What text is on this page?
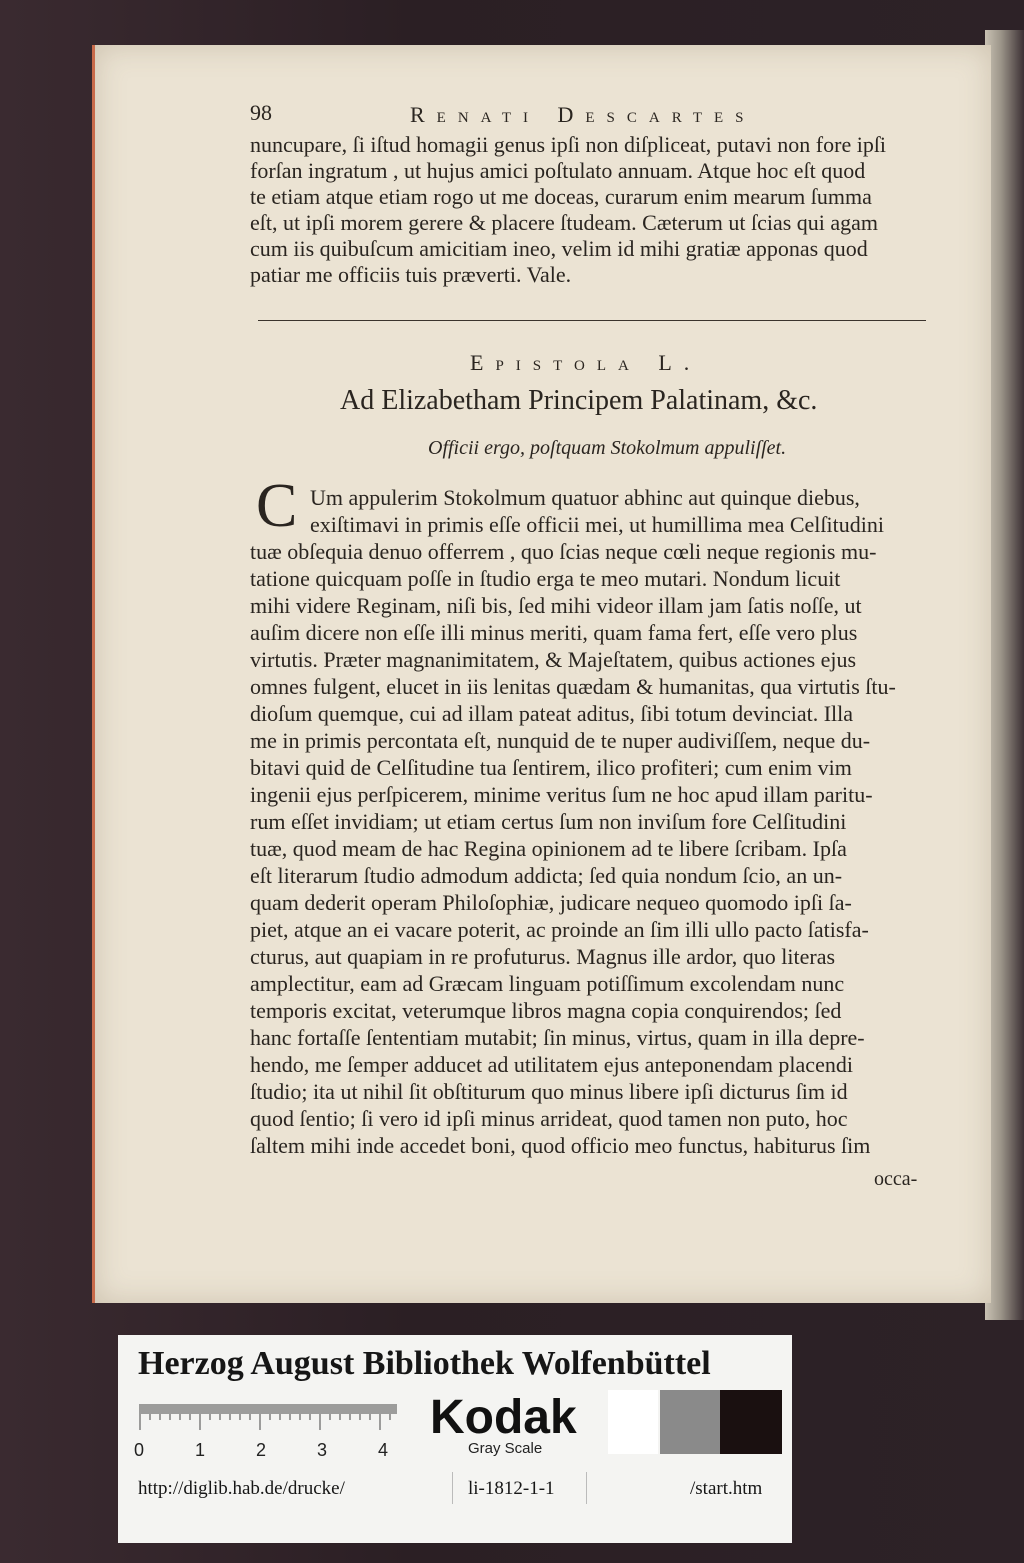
98	Renati Descartes
nuncupare, ſi iſtud homagii genus ipſi non diſpliceat, putavi non fore ipſi
forſan ingratum , ut hujus amici poſtulato annuam. Atque hoc eſt quod
te etiam atque etiam rogo ut me doceas, curarum enim mearum ſumma
eſt, ut ipſi morem gerere & placere ſtudeam. Cæterum ut ſcias qui agam
cum iis quibuſcum amicitiam ineo, velim id mihi gratiæ apponas quod
patiar me officiis tuis præverti. Vale.
Epistola L.
Ad Elizabetham Principem Palatinam, &c.
Officii ergo, poſtquam Stokolmum appuliſſet.
C Um appulerim Stokolmum quatuor abhinc aut quinque diebus,
exiſtimavi in primis eſſe officii mei, ut humillima mea Celſitudini
tuæ obſequia denuo offerrem , quo ſcias neque cœli neque regionis mu-
tatione quicquam poſſe in ſtudio erga te meo mutari. Nondum licuit
mihi videre Reginam, niſi bis, ſed mihi videor illam jam ſatis noſſe, ut
auſim dicere non eſſe illi minus meriti, quam fama fert, eſſe vero plus
virtutis. Præter magnanimitatem, & Majeſtatem, quibus actiones ejus
omnes fulgent, elucet in iis lenitas quædam & humanitas, qua virtutis ſtu-
dioſum quemque, cui ad illam pateat aditus, ſibi totum devinciat. Illa
me in primis percontata eſt, nunquid de te nuper audiviſſem, neque du-
bitavi quid de Celſitudine tua ſentirem, ilico profiteri; cum enim vim
ingenii ejus perſpicerem, minime veritus ſum ne hoc apud illam paritu-
rum eſſet invidiam; ut etiam certus ſum non inviſum fore Celſitudini
tuæ, quod meam de hac Regina opinionem ad te libere ſcribam. Ipſa
eſt literarum ſtudio admodum addicta; ſed quia nondum ſcio, an un-
quam dederit operam Philoſophiæ, judicare nequeo quomodo ipſi ſa-
piet, atque an ei vacare poterit, ac proinde an ſim illi ullo pacto ſatisfa-
cturus, aut quapiam in re profuturus. Magnus ille ardor, quo literas
amplectitur, eam ad Græcam linguam potiſſimum excolendam nunc
temporis excitat, veterumque libros magna copia conquirendos; ſed
hanc fortaſſe ſententiam mutabit; ſin minus, virtus, quam in illa depre-
hendo, me ſemper adducet ad utilitatem ejus anteponendam placendi
ſtudio; ita ut nihil ſit obſtiturum quo minus libere ipſi dicturus ſim id
quod ſentio; ſi vero id ipſi minus arrideat, quod tamen non puto, hoc
ſaltem mihi inde accedet boni, quod officio meo functus, habiturus ſim
occa-
Herzog August Bibliothek Wolfenbüttel
0	1	2	3	4
Kodak
Gray Scale
http://diglib.hab.de/drucke/	li-1812-1-1	/start.htm
